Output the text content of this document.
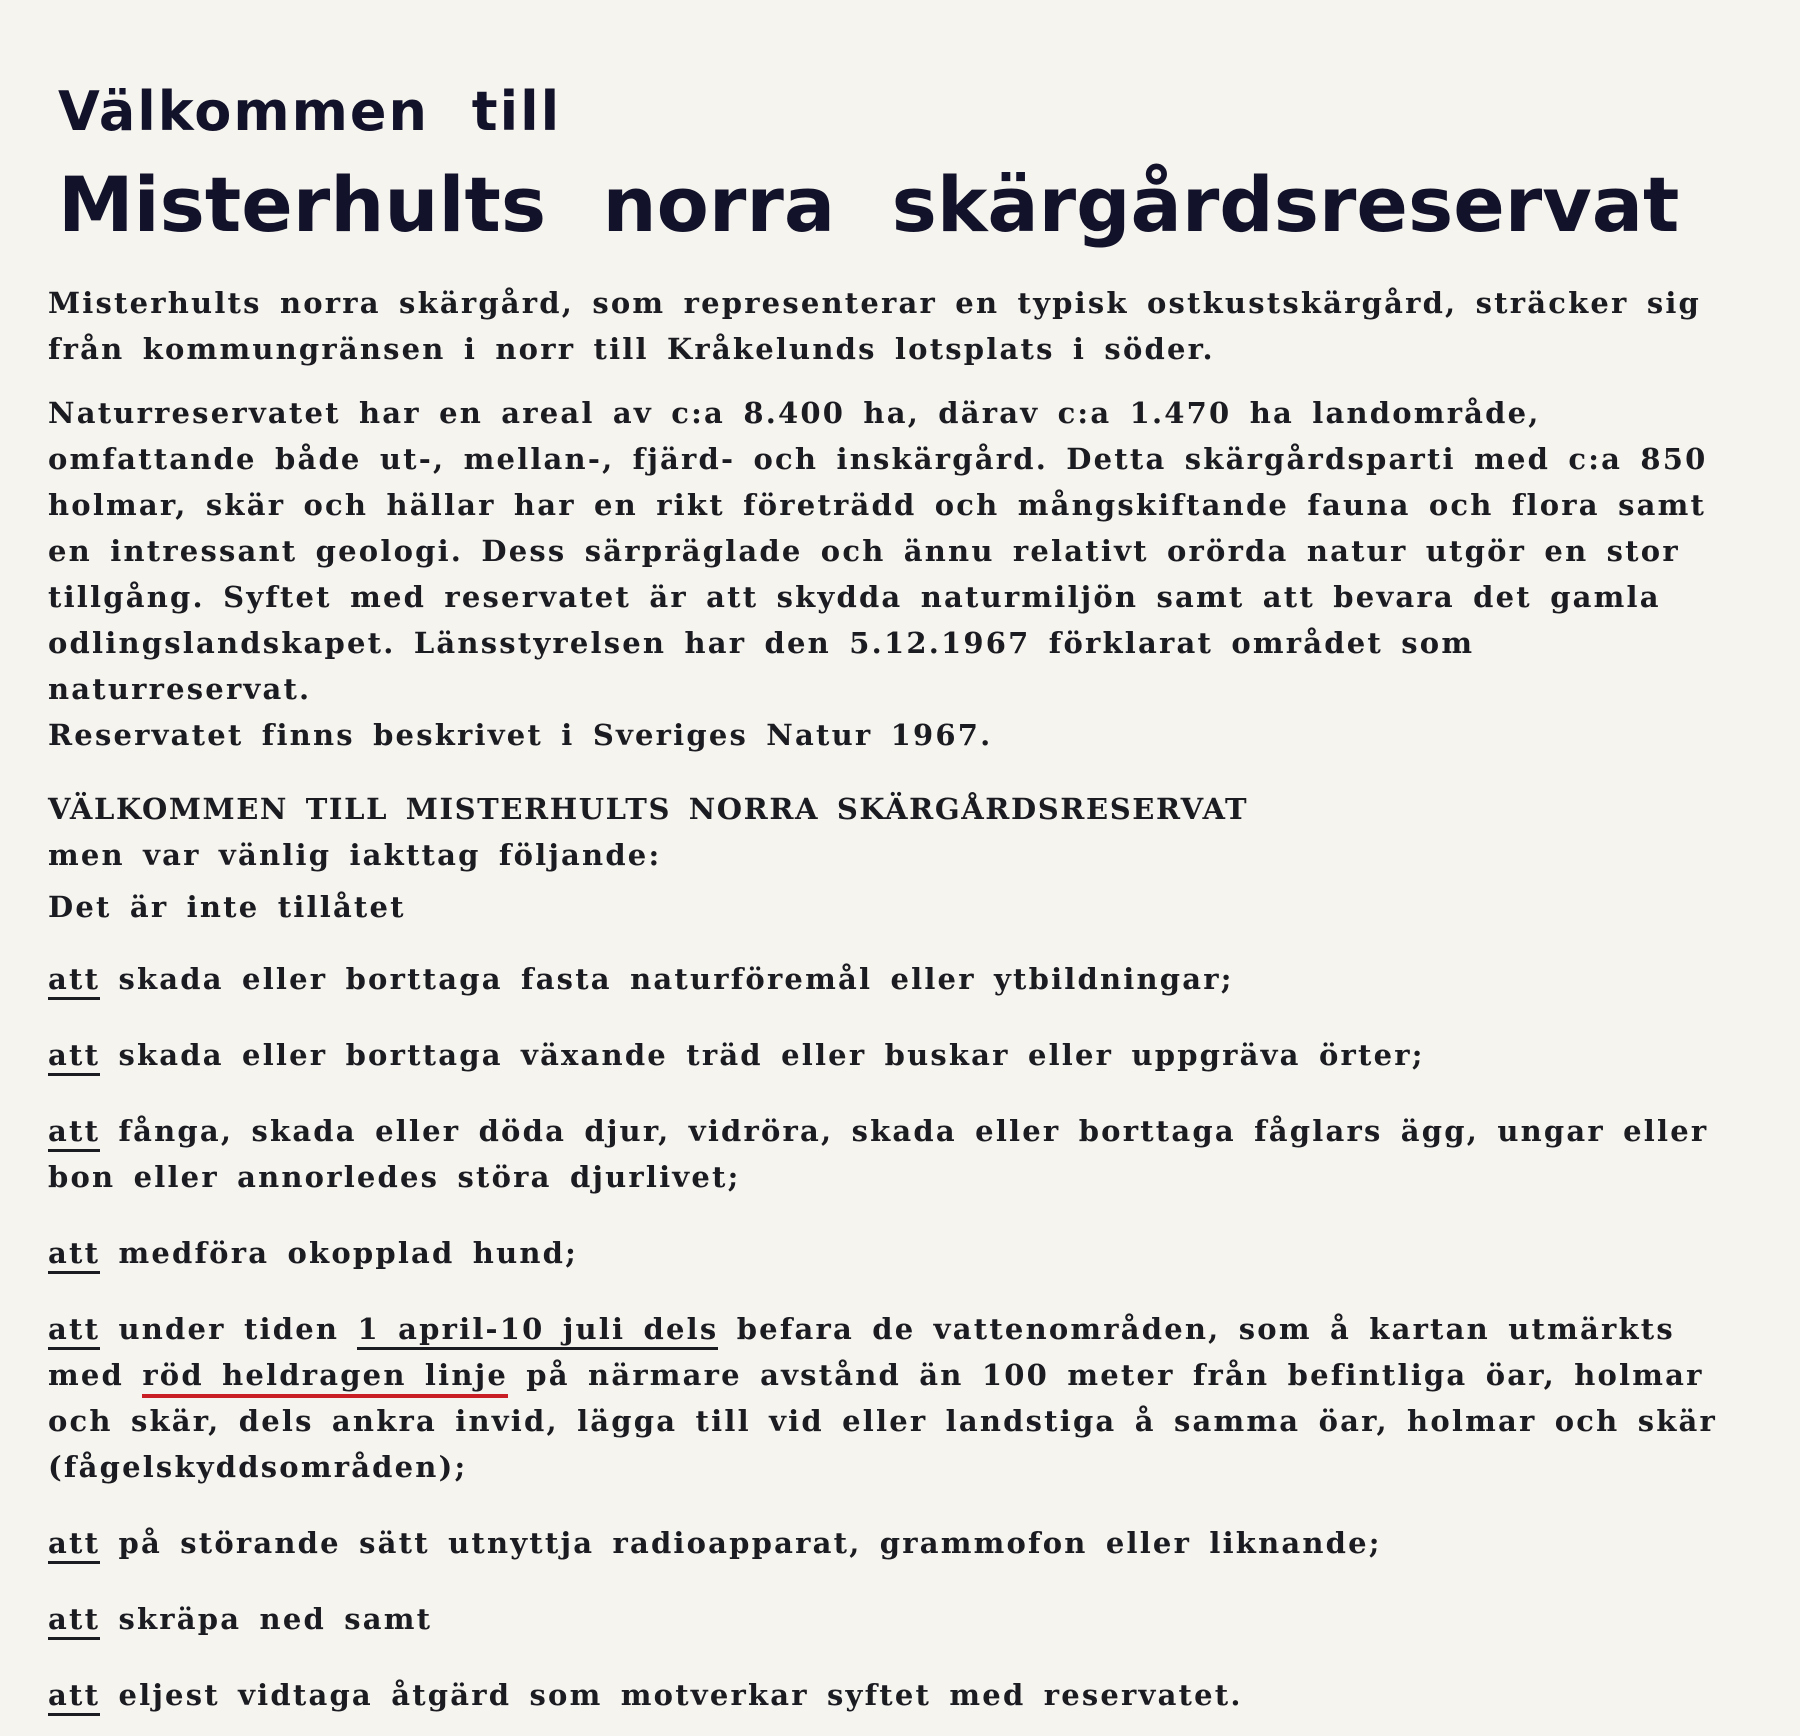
Välkommen till
Misterhults norra skärgårdsreservat

Misterhults norra skärgård, som representerar en typisk ostkustskärgård, sträcker sig från kommungränsen i norr till Kråkelunds lotsplats i söder.

Naturreservatet har en areal av c:a 8.400 ha, därav c:a 1.470 ha landområde, omfattande både ut-, mellan-, fjärd- och inskärgård. Detta skärgårdsparti med c:a 850 holmar, skär och hällar har en rikt företrädd och mångskiftande fauna och flora samt en intressant geologi. Dess särpräglade och ännu relativt orörda natur utgör en stor tillgång. Syftet med reservatet är att skydda naturmiljön samt att bevara det gamla odlingslandskapet. Länsstyrelsen har den 5.12.1967 förklarat området som naturreservat.

Reservatet finns beskrivet i Sveriges Natur 1967.

VÄLKOMMEN TILL MISTERHULTS NORRA SKÄRGÅRDSRESERVAT

men var vänlig iakttag följande:

Det är inte tillåtet

att skada eller borttaga fasta naturföremål eller ytbildningar;

att skada eller borttaga växande träd eller buskar eller uppgräva örter;

att fånga, skada eller döda djur, vidröra, skada eller borttaga fåglars ägg, ungar eller bon eller annorledes störa djurlivet;

att medföra okopplad hund;

att under tiden 1 april-10 juli dels befara de vattenområden, som å kartan utmärkts med röd heldragen linje på närmare avstånd än 100 meter från befintliga öar, holmar och skär, dels ankra invid, lägga till vid eller landstiga å samma öar, holmar och skär (fågelskyddsområden);

att på störande sätt utnyttja radioapparat, grammofon eller liknande;

att skräpa ned samt

att eljest vidtaga åtgärd som motverkar syftet med reservatet.
